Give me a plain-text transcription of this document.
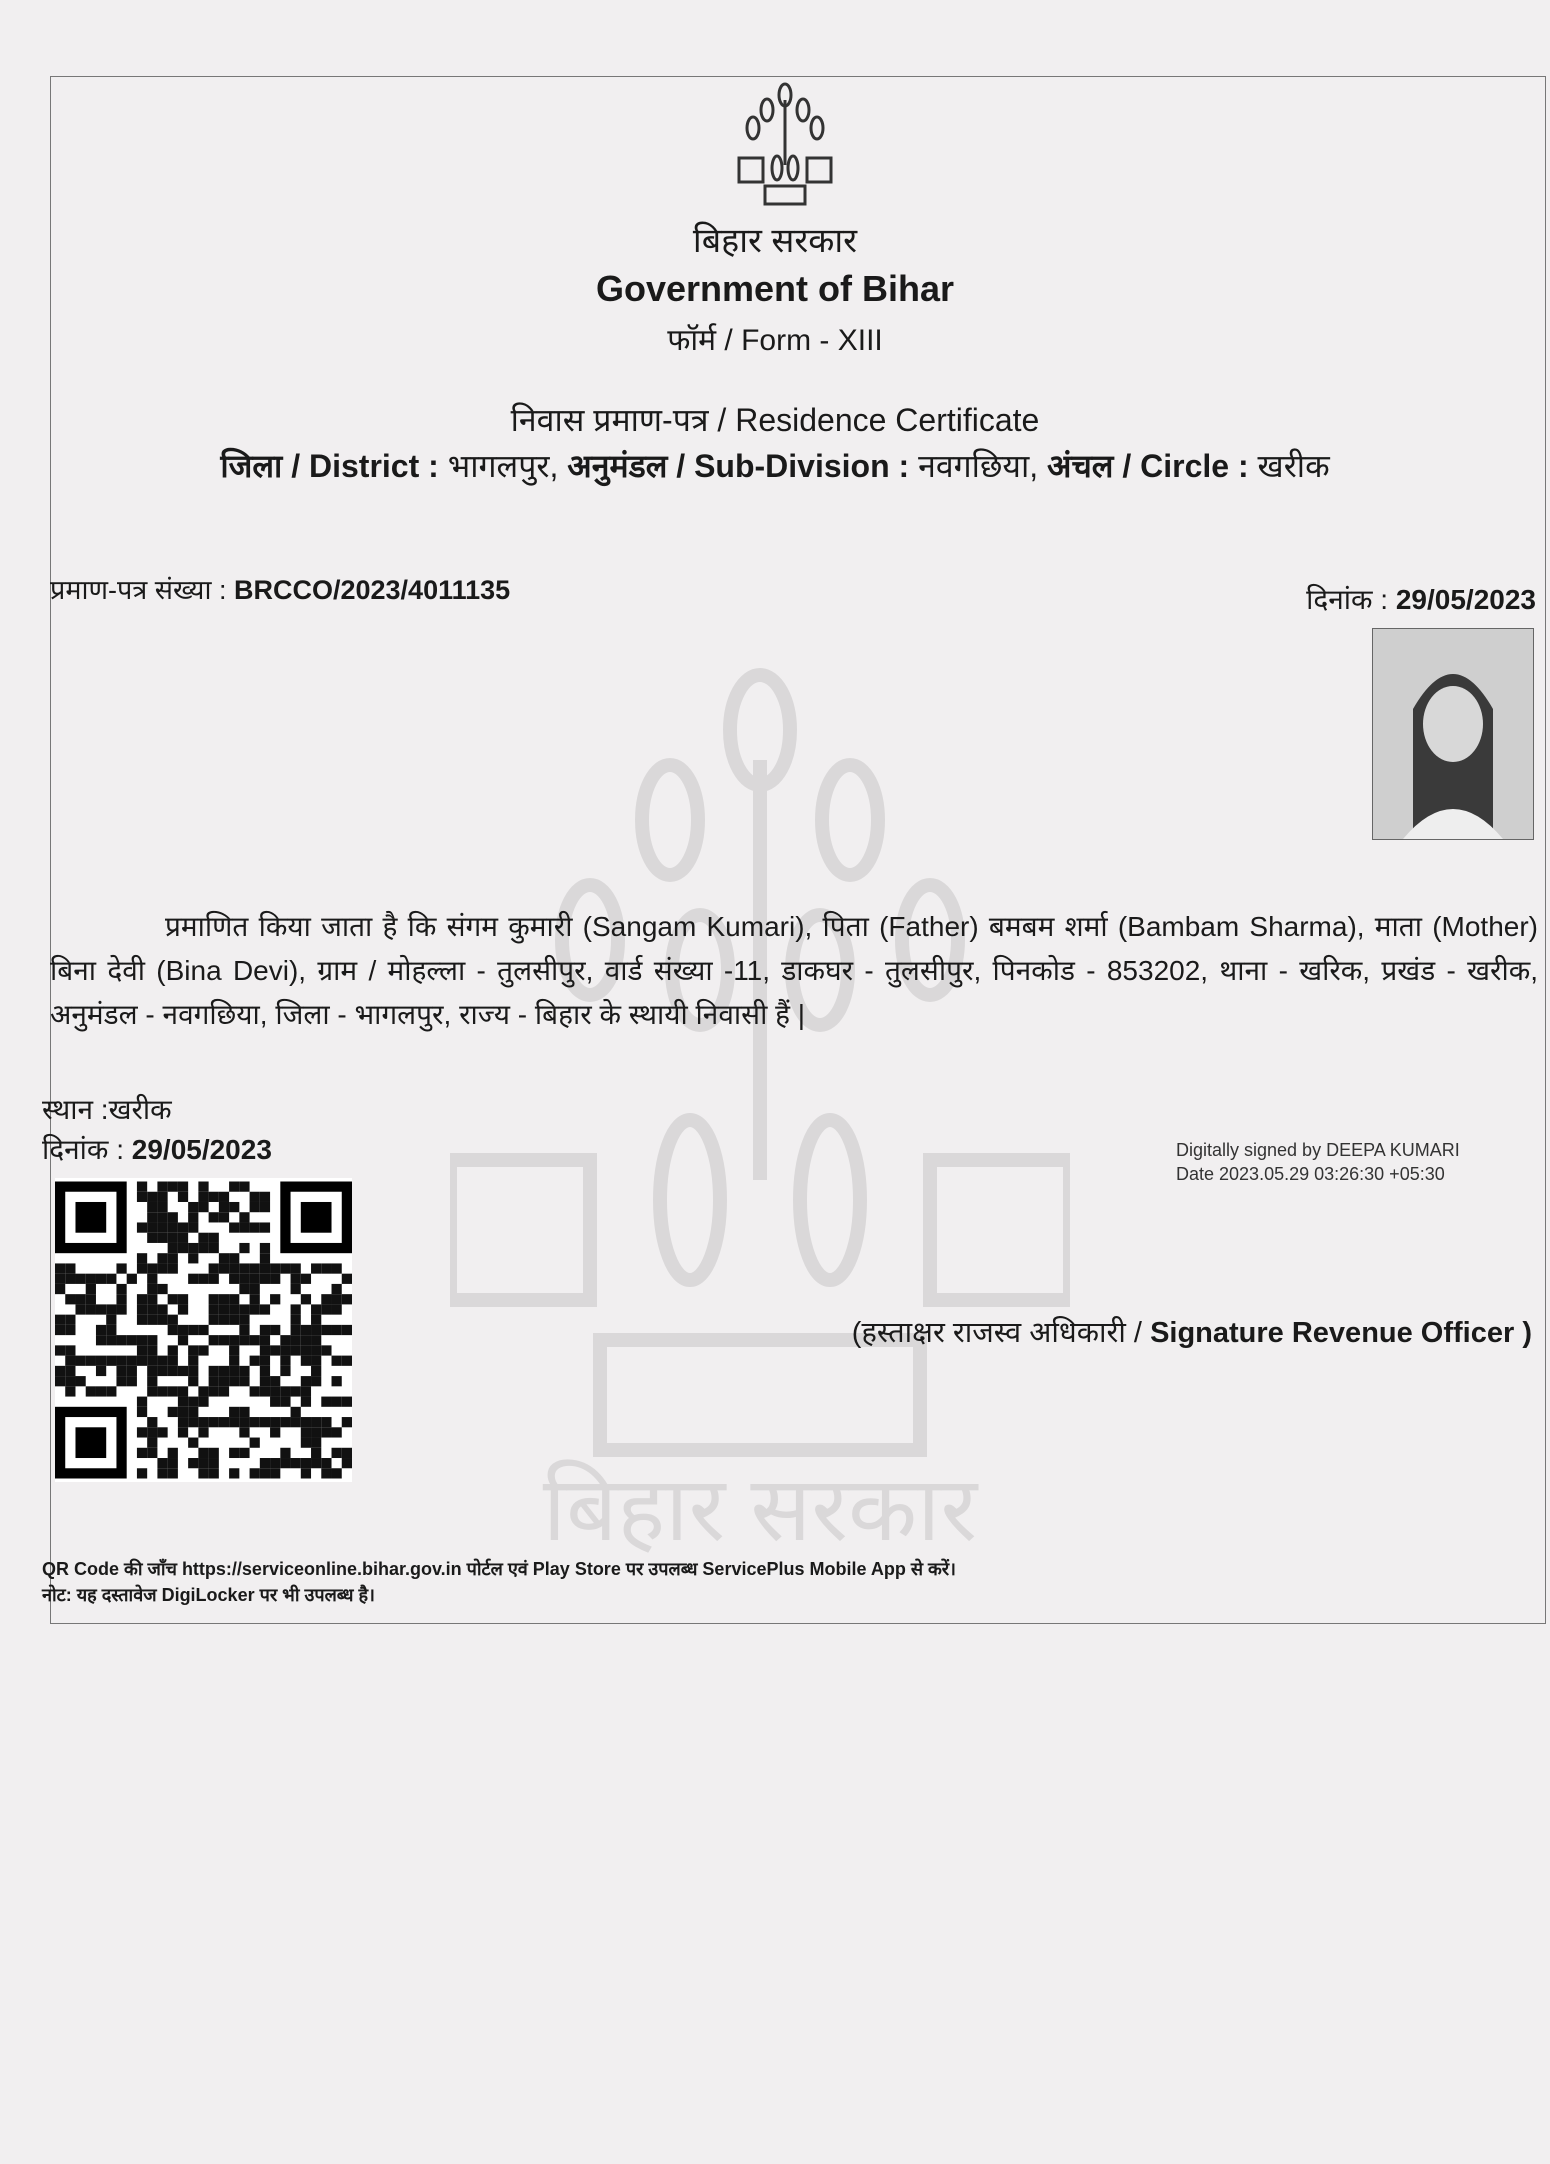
बिहार सरकार
बिहार सरकार
Government of Bihar
फॉर्म / Form - XIII
निवास प्रमाण-पत्र / Residence Certificate
जिला / District : भागलपुर, अनुमंडल / Sub-Division : नवगछिया, अंचल / Circle : खरीक
प्रमाण-पत्र संख्या : BRCCO/2023/4011135	दिनांक : 29/05/2023
प्रमाणित किया जाता है कि संगम कुमारी (Sangam Kumari), पिता (Father) बमबम शर्मा (Bambam Sharma), माता (Mother) बिना देवी (Bina Devi), ग्राम / मोहल्ला - तुलसीपुर, वार्ड संख्या -11, डाकघर - तुलसीपुर, पिनकोड - 853202, थाना - खरिक, प्रखंड - खरीक, अनुमंडल - नवगछिया, जिला - भागलपुर, राज्य - बिहार के स्थायी निवासी हैं |
स्थान :खरीक
दिनांक : 29/05/2023	Digitally signed by DEEPA KUMARI
Date 2023.05.29 03:26:30 +05:30
(हस्ताक्षर राजस्व अधिकारी / Signature Revenue Officer )
QR Code की जाँच https://serviceonline.bihar.gov.in पोर्टल एवं Play Store पर उपलब्ध ServicePlus Mobile App से करें।
नोट: यह दस्तावेज DigiLocker पर भी उपलब्ध है।
